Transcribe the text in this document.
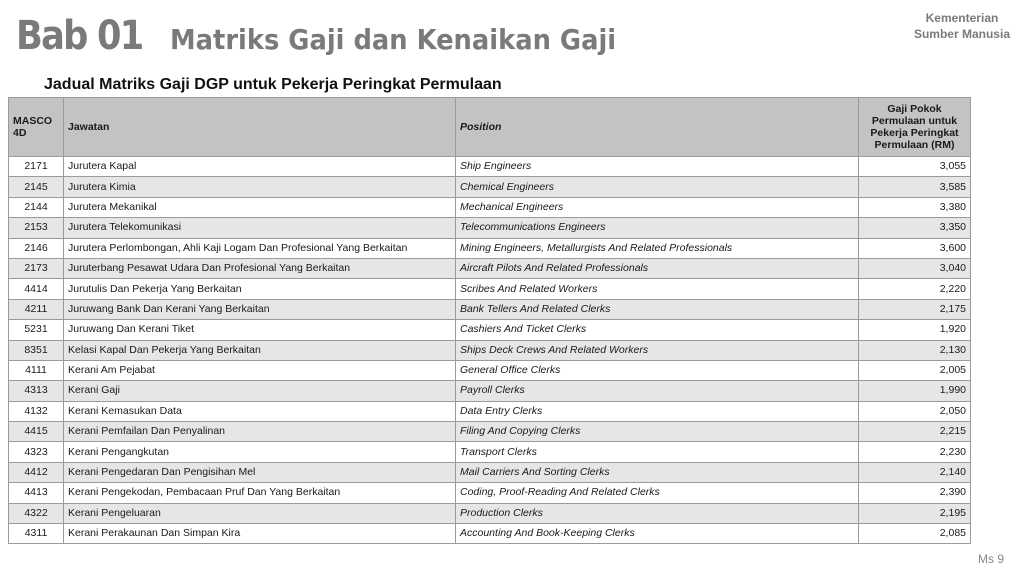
Bab 01 Matriks Gaji dan Kenaikan Gaji
Kementerian
Sumber Manusia
Jadual Matriks Gaji DGP untuk Pekerja Peringkat Permulaan
MASCO 4D	Jawatan	Position	Gaji Pokok Permulaan untuk Pekerja Peringkat Permulaan (RM)
2171	Jurutera Kapal	Ship Engineers	3,055
2145	Jurutera Kimia	Chemical Engineers	3,585
2144	Jurutera Mekanikal	Mechanical Engineers	3,380
2153	Jurutera Telekomunikasi	Telecommunications Engineers	3,350
2146	Jurutera Perlombongan, Ahli Kaji Logam Dan Profesional Yang Berkaitan	Mining Engineers, Metallurgists And Related Professionals	3,600
2173	Juruterbang Pesawat Udara Dan Profesional Yang Berkaitan	Aircraft Pilots And Related Professionals	3,040
4414	Jurutulis Dan Pekerja Yang Berkaitan	Scribes And Related Workers	2,220
4211	Juruwang Bank Dan Kerani Yang Berkaitan	Bank Tellers And Related Clerks	2,175
5231	Juruwang Dan Kerani Tiket	Cashiers And Ticket Clerks	1,920
8351	Kelasi Kapal Dan Pekerja Yang Berkaitan	Ships Deck Crews And Related Workers	2,130
4111	Kerani Am Pejabat	General Office Clerks	2,005
4313	Kerani Gaji	Payroll Clerks	1,990
4132	Kerani Kemasukan Data	Data Entry Clerks	2,050
4415	Kerani Pemfailan Dan Penyalinan	Filing And Copying Clerks	2,215
4323	Kerani Pengangkutan	Transport Clerks	2,230
4412	Kerani Pengedaran Dan Pengisihan Mel	Mail Carriers And Sorting Clerks	2,140
4413	Kerani Pengekodan, Pembacaan Pruf Dan Yang Berkaitan	Coding, Proof-Reading And Related Clerks	2,390
4322	Kerani Pengeluaran	Production Clerks	2,195
4311	Kerani Perakaunan Dan Simpan Kira	Accounting And Book-Keeping Clerks	2,085
Ms 9
